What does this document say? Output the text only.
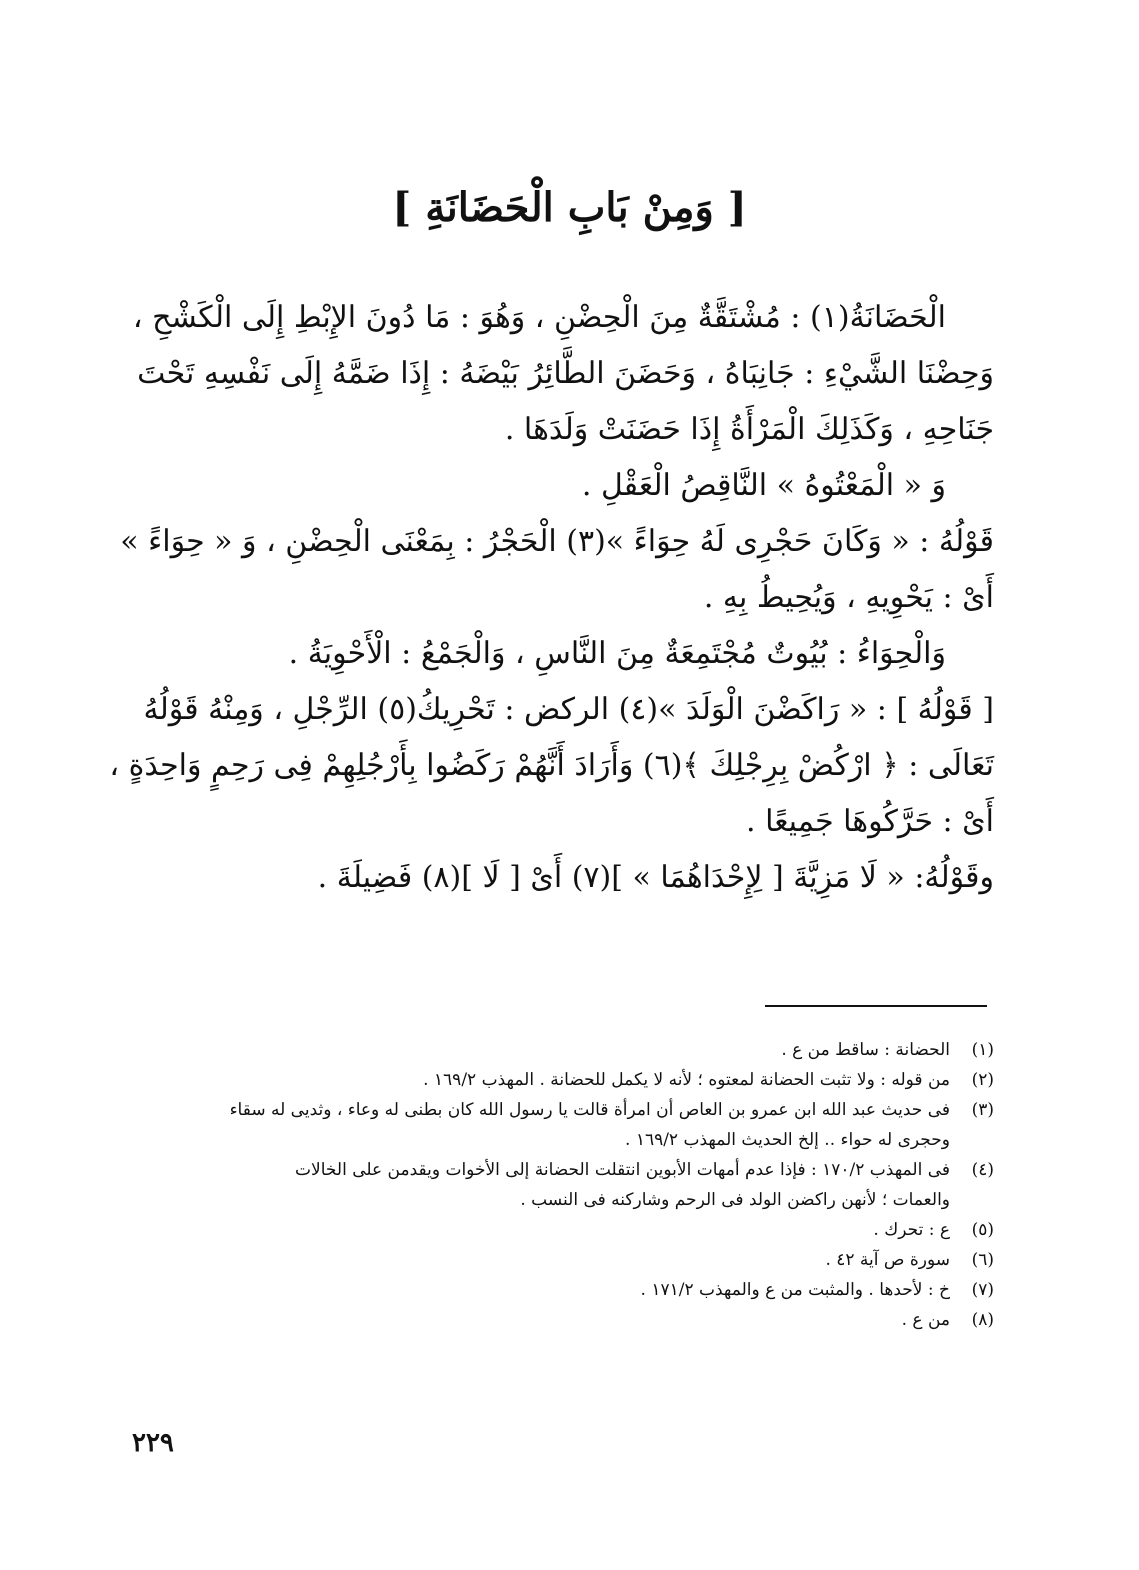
[ وَمِنْ بَابِ الْحَضَانَةِ ]
الْحَضَانَةُ(١) : مُشْتَقَّةٌ مِنَ الْحِضْنِ ، وَهُوَ : مَا دُونَ الإِبْطِ إِلَى الْكَشْحِ ،
وَحِضْنَا الشَّيْءِ : جَانِبَاهُ ، وَحَضَنَ الطَّائِرُ بَيْضَهُ : إِذَا ضَمَّهُ إِلَى نَفْسِهِ تَحْتَ
جَنَاحِهِ ، وَكَذَلِكَ الْمَرْأَةُ إِذَا حَضَنَتْ وَلَدَهَا .
وَ « الْمَعْتُوهُ » النَّاقِصُ الْعَقْلِ .
قَوْلُهُ : « وَكَانَ حَجْرِى لَهُ حِوَاءً »(٣) الْحَجْرُ : بِمَعْنَى الْحِضْنِ ، وَ « حِوَاءً »
أَىْ : يَحْوِيهِ ، وَيُحِيطُ بِهِ .
وَالْحِوَاءُ : بُيُوتٌ مُجْتَمِعَةٌ مِنَ النَّاسِ ، وَالْجَمْعُ : الْأَحْوِيَةُ .
[ قَوْلُهُ ] : « رَاكَضْنَ الْوَلَدَ »(٤) الركض : تَحْرِيكُ(٥) الرِّجْلِ ، وَمِنْهُ قَوْلُهُ
تَعَالَى : ﴿ ارْكُضْ بِرِجْلِكَ ﴾(٦) وَأَرَادَ أَنَّهُمْ رَكَضُوا بِأَرْجُلِهِمْ فِى رَحِمٍ وَاحِدَةٍ ،
أَىْ : حَرَّكُوهَا جَمِيعًا .
وقَوْلُهُ: « لَا مَزِيَّةَ [ لِإِحْدَاهُمَا » ](٧) أَىْ [ لَا ](٨) فَضِيلَةَ .
(١)الحضانة : ساقط من ع .
(٢)من قوله : ولا تثبت الحضانة لمعتوه ؛ لأنه لا يكمل للحضانة . المهذب ١٦٩/٢ .
(٣)فى حديث عبد الله ابن عمرو بن العاص أن امرأة قالت يا رسول الله كان بطنى له وعاء ، وثديى له سقاء
وحجرى له حواء .. إلخ الحديث المهذب ١٦٩/٢ .
(٤)فى المهذب ١٧٠/٢ : فإذا عدم أمهات الأبوين انتقلت الحضانة إلى الأخوات ويقدمن على الخالات
والعمات ؛ لأنهن راكضن الولد فى الرحم وشاركنه فى النسب .
(٥)ع : تحرك .
(٦)سورة ص آية ٤٢ .
(٧)خ : لأحدها . والمثبت من ع والمهذب ١٧١/٢ .
(٨)من ع .
٢٢٩
